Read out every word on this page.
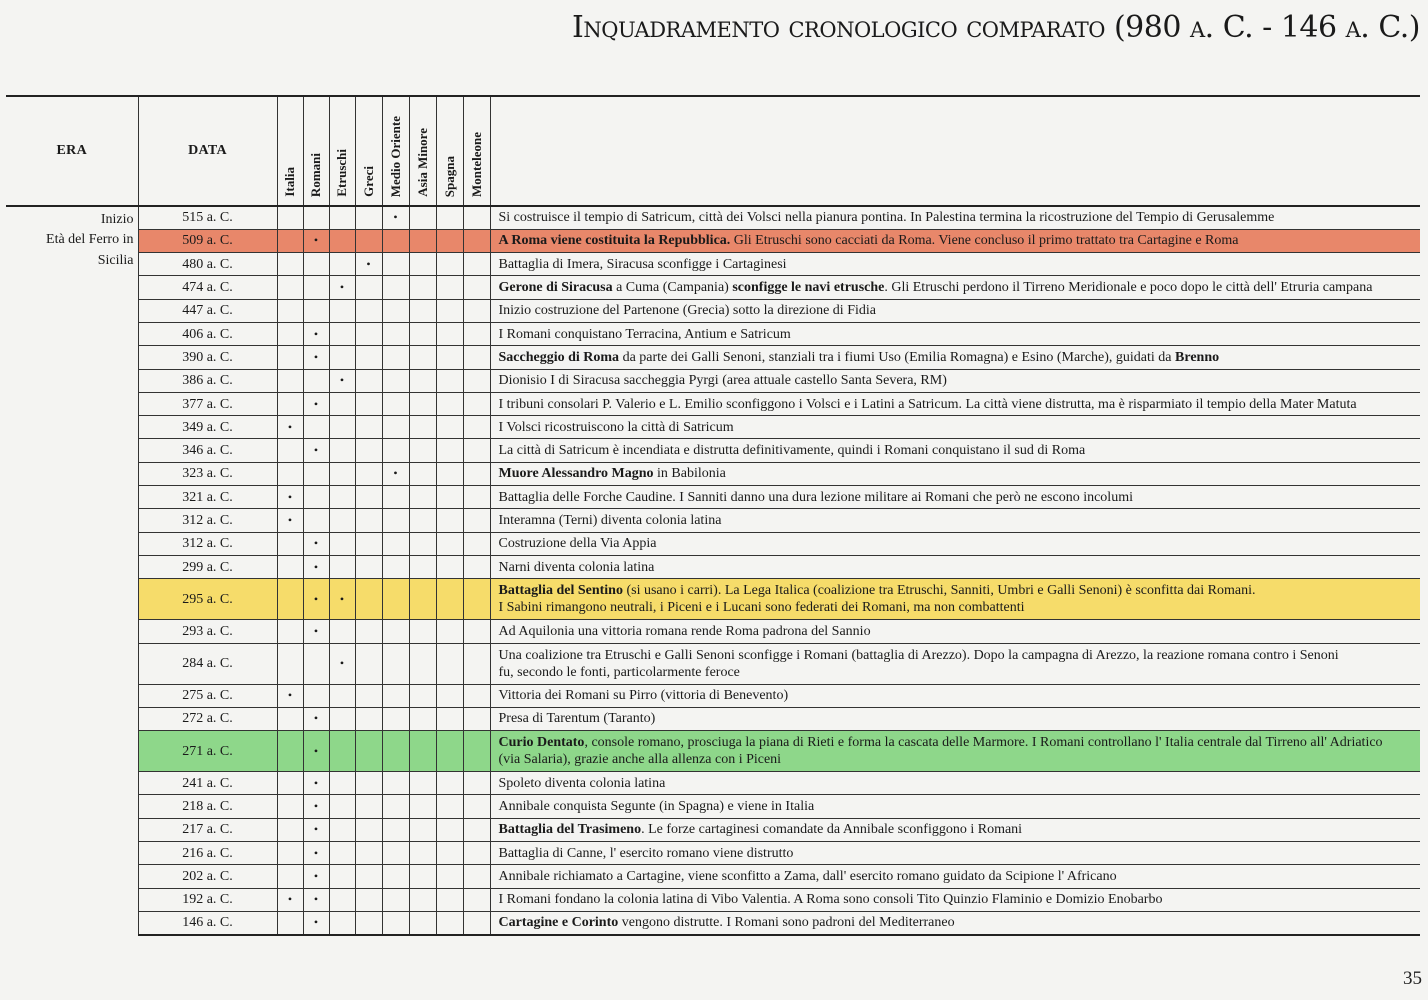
Inquadramento cronologico comparato (980 a. C. - 146 a. C.)
ERA	DATA	Italia	Romani	Etruschi	Greci	Medio Oriente	Asia Minore	Spagna	Monteleone	

Inizio
Età del Ferro in
Sicilia	515 a. C.					•				Si costruisce il tempio di Satricum, città dei Volsci nella pianura pontina. In Palestina termina la ricostruzione del Tempio di Gerusalemme
	509 a. C.		•							A Roma viene costituita la Repubblica. Gli Etruschi sono cacciati da Roma. Viene concluso il primo trattato tra Cartagine e Roma
	480 a. C.				•					Battaglia di Imera, Siracusa sconfigge i Cartaginesi
	474 a. C.			•						Gerone di Siracusa a Cuma (Campania) sconfigge le navi etrusche. Gli Etruschi perdono il Tirreno Meridionale e poco dopo le città dell' Etruria campana
	447 a. C.									Inizio costruzione del Partenone (Grecia) sotto la direzione di Fidia
	406 a. C.		•							I Romani conquistano Terracina, Antium e Satricum
	390 a. C.		•							Saccheggio di Roma da parte dei Galli Senoni, stanziali tra i fiumi Uso (Emilia Romagna) e Esino (Marche), guidati da Brenno
	386 a. C.			•						Dionisio I di Siracusa saccheggia Pyrgi (area attuale castello Santa Severa, RM)
	377 a. C.		•							I tribuni consolari P. Valerio e L. Emilio sconfiggono i Volsci e i Latini a Satricum. La città viene distrutta, ma è risparmiato il tempio della Mater Matuta
	349 a. C.	•								I Volsci ricostruiscono la città di Satricum
	346 a. C.		•							La città di Satricum è incendiata e distrutta definitivamente, quindi i Romani conquistano il sud di Roma
	323 a. C.					•				Muore Alessandro Magno in Babilonia
	321 a. C.	•								Battaglia delle Forche Caudine. I Sanniti danno una dura lezione militare ai Romani che però ne escono incolumi
	312 a. C.	•								Interamna (Terni) diventa colonia latina
	312 a. C.		•							Costruzione della Via Appia
	299 a. C.		•							Narni diventa colonia latina
	295 a. C.		•	•						Battaglia del Sentino (si usano i carri). La Lega Italica (coalizione tra Etruschi, Sanniti, Umbri e Galli Senoni) è sconfitta dai Romani.
I Sabini rimangono neutrali, i Piceni e i Lucani sono federati dei Romani, ma non combattenti
	293 a. C.		•							Ad Aquilonia una vittoria romana rende Roma padrona del Sannio
	284 a. C.			•						Una coalizione tra Etruschi e Galli Senoni sconfigge i Romani (battaglia di Arezzo). Dopo la campagna di Arezzo, la reazione romana contro i Senoni
fu, secondo le fonti, particolarmente feroce
	275 a. C.	•								Vittoria dei Romani su Pirro (vittoria di Benevento)
	272 a. C.		•							Presa di Tarentum (Taranto)
	271 a. C.		•							Curio Dentato, console romano, prosciuga la piana di Rieti e forma la cascata delle Marmore. I Romani controllano l' Italia centrale dal Tirreno all' Adriatico
(via Salaria), grazie anche alla allenza con i Piceni
	241 a. C.		•							Spoleto diventa colonia latina
	218 a. C.		•							Annibale conquista Segunte (in Spagna) e viene in Italia
	217 a. C.		•							Battaglia del Trasimeno. Le forze cartaginesi comandate da Annibale sconfiggono i Romani
	216 a. C.		•							Battaglia di Canne, l' esercito romano viene distrutto
	202 a. C.		•							Annibale richiamato a Cartagine, viene sconfitto a Zama, dall' esercito romano guidato da Scipione l' Africano
	192 a. C.	•	•							I Romani fondano la colonia latina di Vibo Valentia. A Roma sono consoli Tito Quinzio Flaminio e Domizio Enobarbo
	146 a. C.		•							Cartagine e Corinto vengono distrutte. I Romani sono padroni del Mediterraneo
35
